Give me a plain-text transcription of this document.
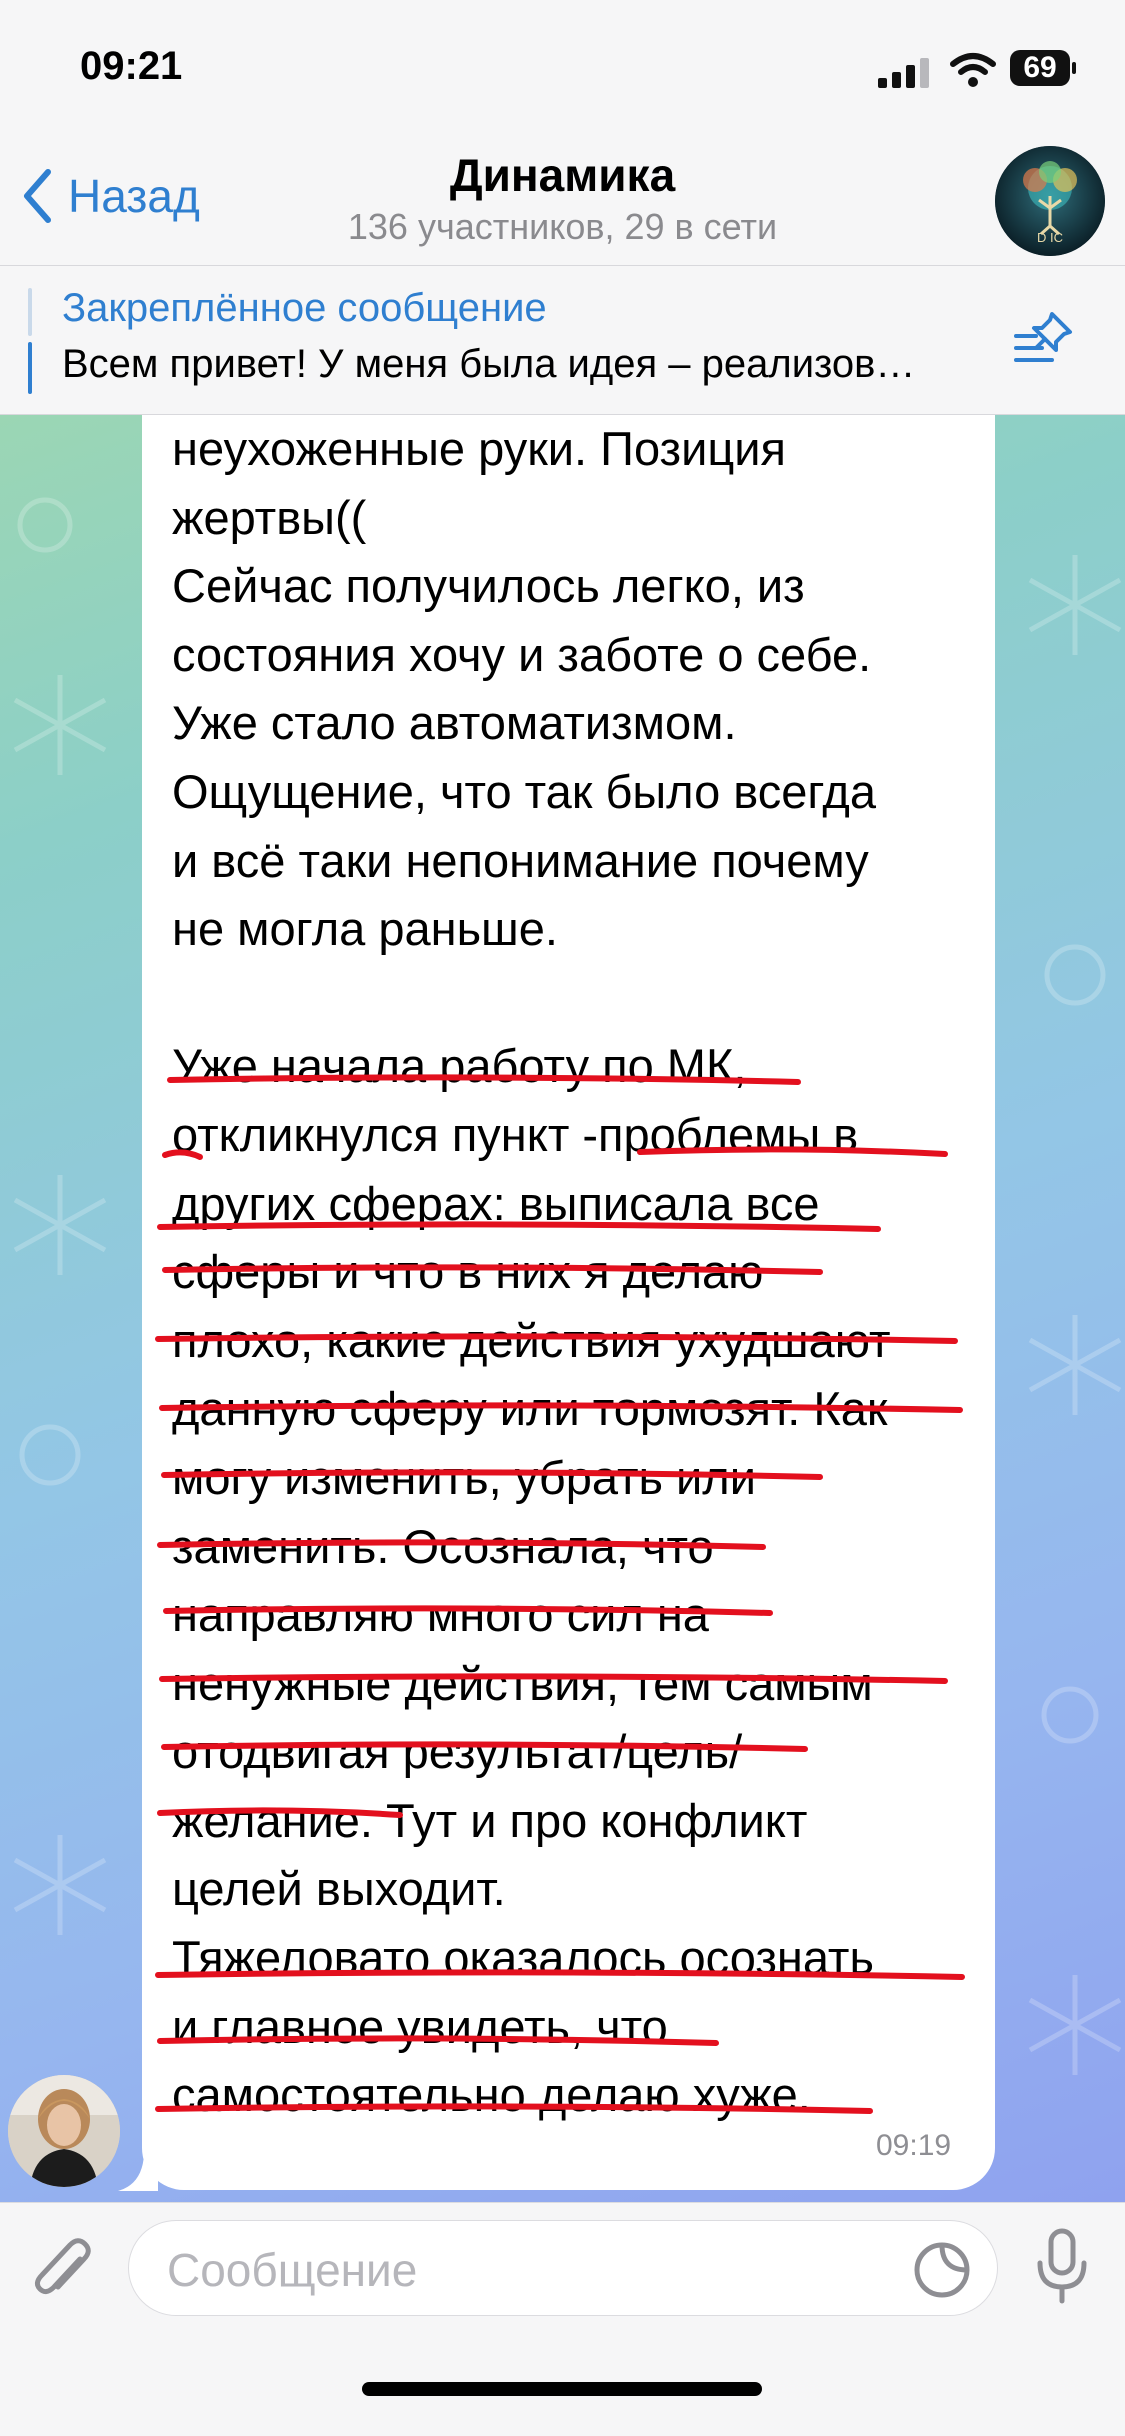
09:21	69
Назад	Динамика
136 участников, 29 в сети	D IC
Закреплённое сообщение
Всем привет! У меня была идея – реализов…
неухоженные руки. Позиция
жертвы((
Сейчас получилось легко, из
состояния хочу и заботе о себе.
Уже стало автоматизмом.
Ощущение, что так было всегда
и всё таки непонимание почему
не могла раньше.
Уже начала работу по МК,
откликнулся пункт -проблемы в
других сферах: выписала все
сферы и что в них я делаю
плохо, какие действия ухудшают
данную сферу или тормозят. Как
могу изменить, убрать или
заменить. Осознала, что
направляю много сил на
ненужные действия, тем самым
отодвигая результат/цель/
желание. Тут и про конфликт
целей выходит.
Тяжеловато оказалось осознать
и главное увидеть, что
самостоятельно делаю хуже.
09:19
Сообщение
